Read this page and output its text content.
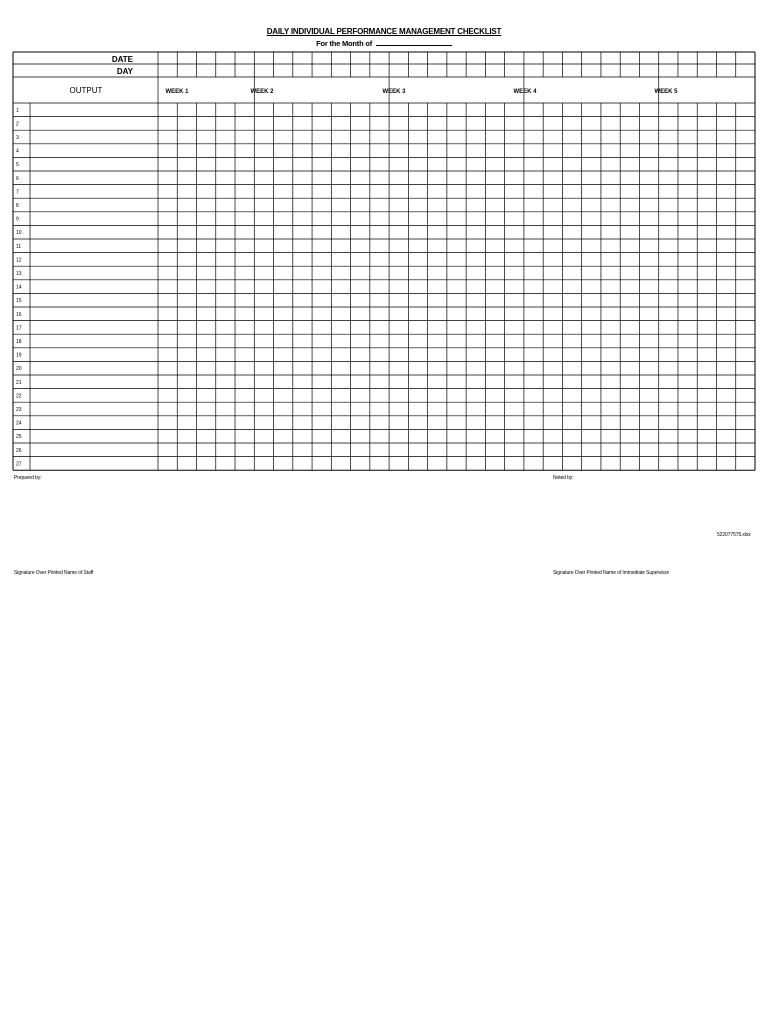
DAILY INDIVIDUAL PERFORMANCE MANAGEMENT CHECKLIST
For the Month of
DATE
DAY
OUTPUT	WEEK 1	WEEK 2	WEEK 3	WEEK 4	WEEK 5
1
2
3
4
5
6
7
8
9
10
11
12
13
14
15
16
17
18
19
20
21
22
23
24
25
26
27
Prepared by:	Noted by:
522077575.xlsx
Signature Over Printed Name of Staff	Signature Over Printed Name of Immediate Supervisor
